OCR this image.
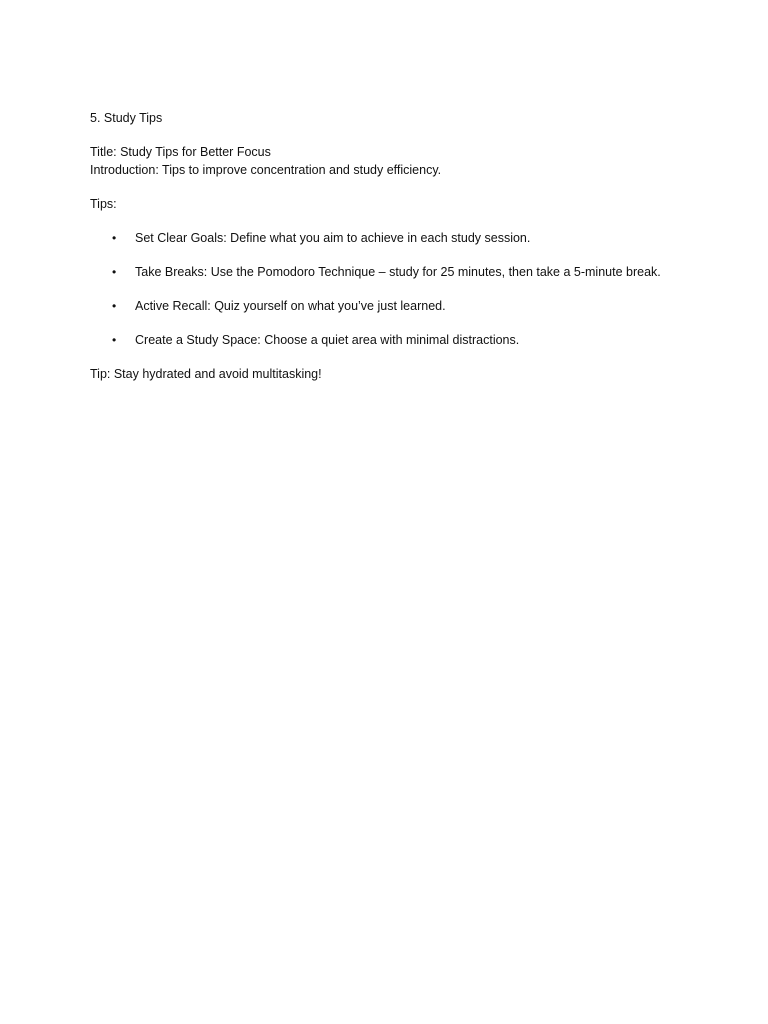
5. Study Tips

Title: Study Tips for Better Focus

Introduction: Tips to improve concentration and study efficiency.

Tips:

• Set Clear Goals: Define what you aim to achieve in each study session.
• Take Breaks: Use the Pomodoro Technique – study for 25 minutes, then take a 5-minute break.
• Active Recall: Quiz yourself on what you’ve just learned.
• Create a Study Space: Choose a quiet area with minimal distractions.

Tip: Stay hydrated and avoid multitasking!
